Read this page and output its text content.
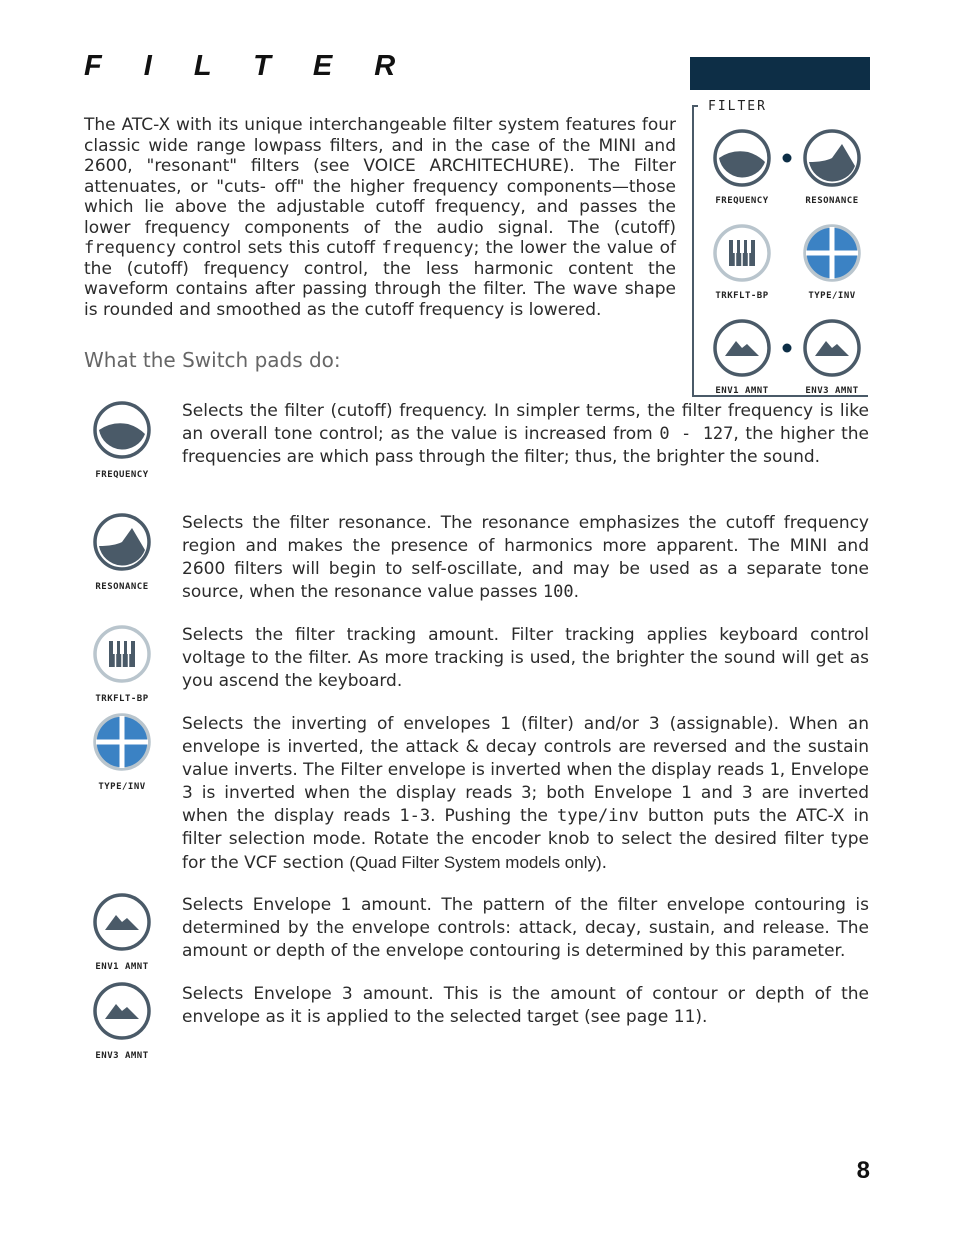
F I L T E R

The ATC-X with its unique interchangeable filter system features four classic wide range lowpass filters, and in the case of the MINI and 2600, "resonant" filters (see VOICE ARCHITECHURE). The Filter attenuates, or "cuts- off" the higher frequency components—those which lie above the adjustable cutoff frequency, and passes the lower frequency components of the audio signal. The (cutoff) frequency control sets this cutoff frequency; the lower the value of the (cutoff) frequency control, the less harmonic content the waveform contains after passing through the filter. The wave shape is rounded and smoothed as the cutoff frequency is lowered.

What the Switch pads do:
FILTER
FREQUENCY	RESONANCE
TRKFLT-BP	TYPE/INV
ENV1 AMNT	ENV3 AMNT
FREQUENCY

Selects the filter (cutoff) frequency. In simpler terms, the filter frequency is like an overall tone control; as the value is increased from 0 - 127, the higher the frequencies are which pass through the filter; thus, the brighter the sound.

RESONANCE

Selects the filter resonance. The resonance emphasizes the cutoff frequency region and makes the presence of harmonics more apparent. The MINI and 2600 filters will begin to self-oscillate, and may be used as a separate tone source, when the resonance value passes 100.

TRKFLT-BP

Selects the filter tracking amount. Filter tracking applies keyboard control voltage to the filter. As more tracking is used, the brighter the sound will get as you ascend the keyboard.

TYPE/INV

Selects the inverting of envelopes 1 (filter) and/or 3 (assignable). When an envelope is inverted, the attack & decay controls are reversed and the sustain value inverts. The Filter envelope is inverted when the display reads 1, Envelope 3 is inverted when the display reads 3; both Envelope 1 and 3 are inverted when the display reads 1-3. Pushing the type/inv button puts the ATC-X in filter selection mode. Rotate the encoder knob to select the desired filter type for the VCF section (Quad Filter System models only).

ENV1 AMNT

Selects Envelope 1 amount. The pattern of the filter envelope contouring is determined by the envelope controls: attack, decay, sustain, and release. The amount or depth of the envelope contouring is determined by this parameter.

ENV3 AMNT

Selects Envelope 3 amount. This is the amount of contour or depth of the envelope as it is applied to the selected target (see page 11).

8
